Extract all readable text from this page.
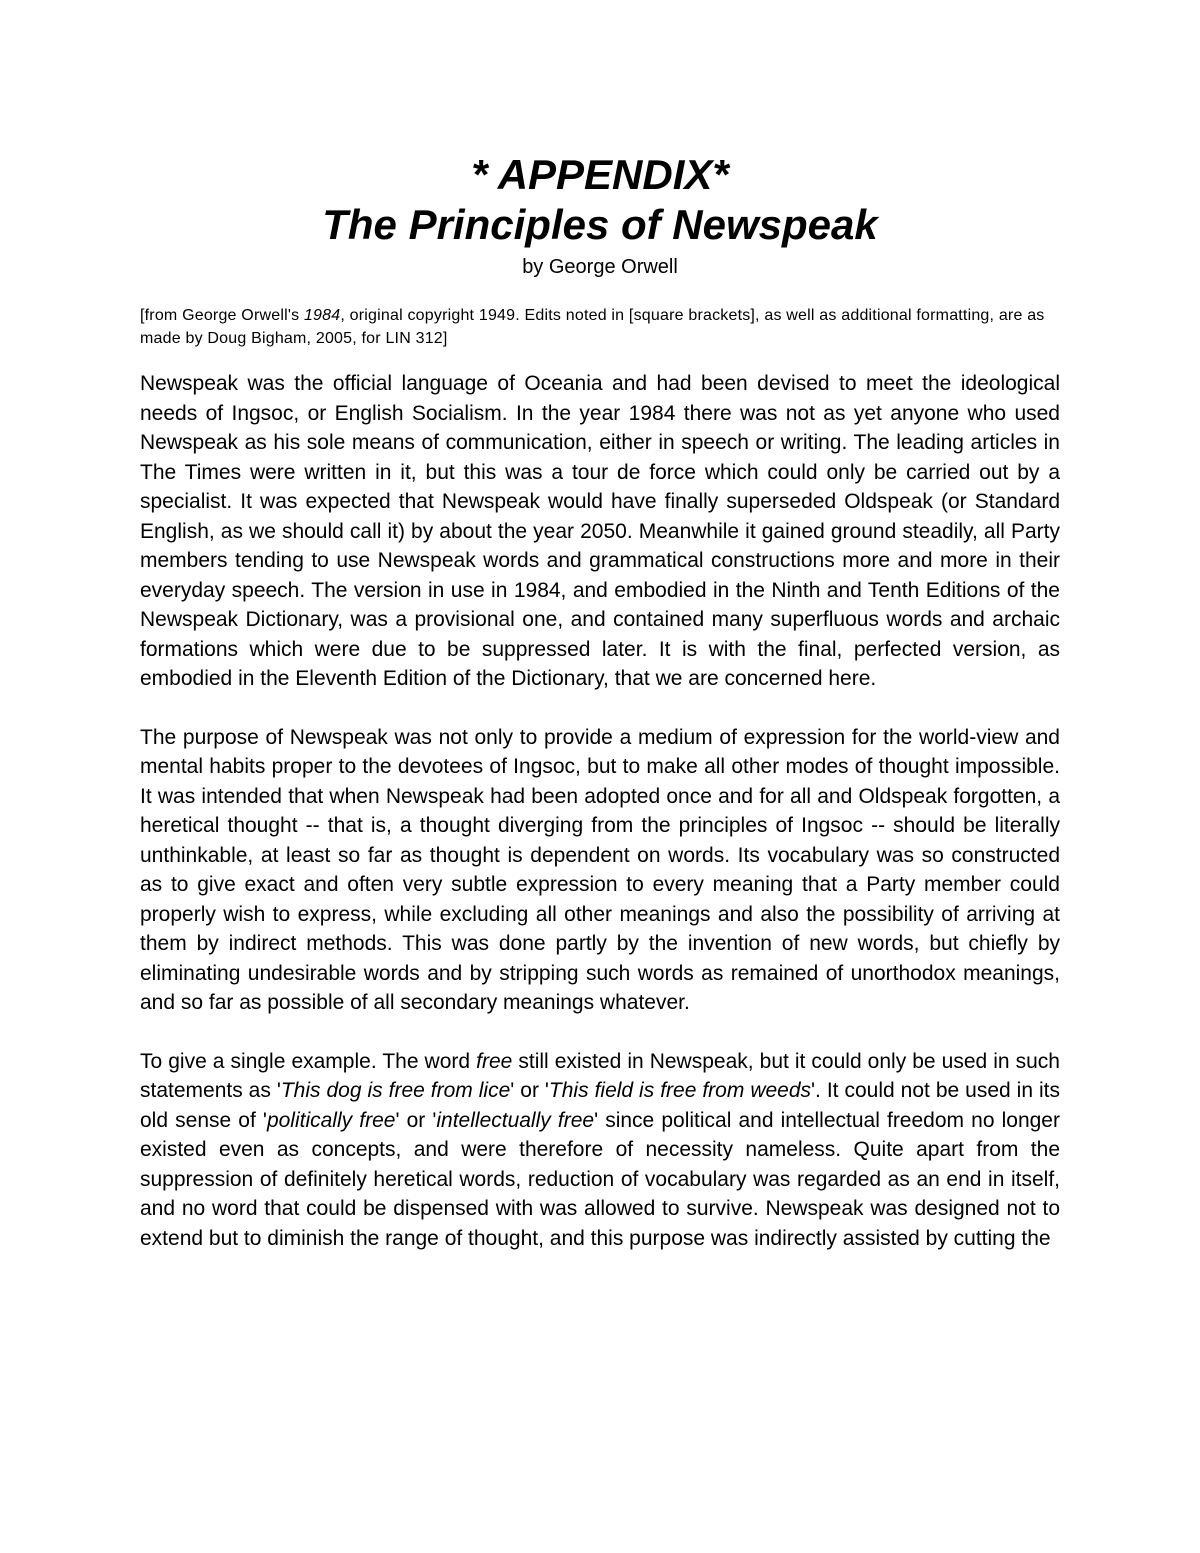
* APPENDIX*
The Principles of Newspeak

by George Orwell

[from George Orwell's 1984, original copyright 1949. Edits noted in [square brackets], as well as additional formatting, are as made by Doug Bigham, 2005, for LIN 312]

Newspeak was the official language of Oceania and had been devised to meet the ideological needs of Ingsoc, or English Socialism. In the year 1984 there was not as yet anyone who used Newspeak as his sole means of communication, either in speech or writing. The leading articles in The Times were written in it, but this was a tour de force which could only be carried out by a specialist. It was expected that Newspeak would have finally superseded Oldspeak (or Standard English, as we should call it) by about the year 2050. Meanwhile it gained ground steadily, all Party members tending to use Newspeak words and grammatical constructions more and more in their everyday speech. The version in use in 1984, and embodied in the Ninth and Tenth Editions of the Newspeak Dictionary, was a provisional one, and contained many superfluous words and archaic formations which were due to be suppressed later. It is with the final, perfected version, as embodied in the Eleventh Edition of the Dictionary, that we are concerned here.

The purpose of Newspeak was not only to provide a medium of expression for the world-view and mental habits proper to the devotees of Ingsoc, but to make all other modes of thought impossible. It was intended that when Newspeak had been adopted once and for all and Oldspeak forgotten, a heretical thought -- that is, a thought diverging from the principles of Ingsoc -- should be literally unthinkable, at least so far as thought is dependent on words. Its vocabulary was so constructed as to give exact and often very subtle expression to every meaning that a Party member could properly wish to express, while excluding all other meanings and also the possibility of arriving at them by indirect methods. This was done partly by the invention of new words, but chiefly by eliminating undesirable words and by stripping such words as remained of unorthodox meanings, and so far as possible of all secondary meanings whatever.

To give a single example. The word free still existed in Newspeak, but it could only be used in such statements as 'This dog is free from lice' or 'This field is free from weeds'. It could not be used in its old sense of 'politically free' or 'intellectually free' since political and intellectual freedom no longer existed even as concepts, and were therefore of necessity nameless. Quite apart from the suppression of definitely heretical words, reduction of vocabulary was regarded as an end in itself, and no word that could be dispensed with was allowed to survive. Newspeak was designed not to extend but to diminish the range of thought, and this purpose was indirectly assisted by cutting the
